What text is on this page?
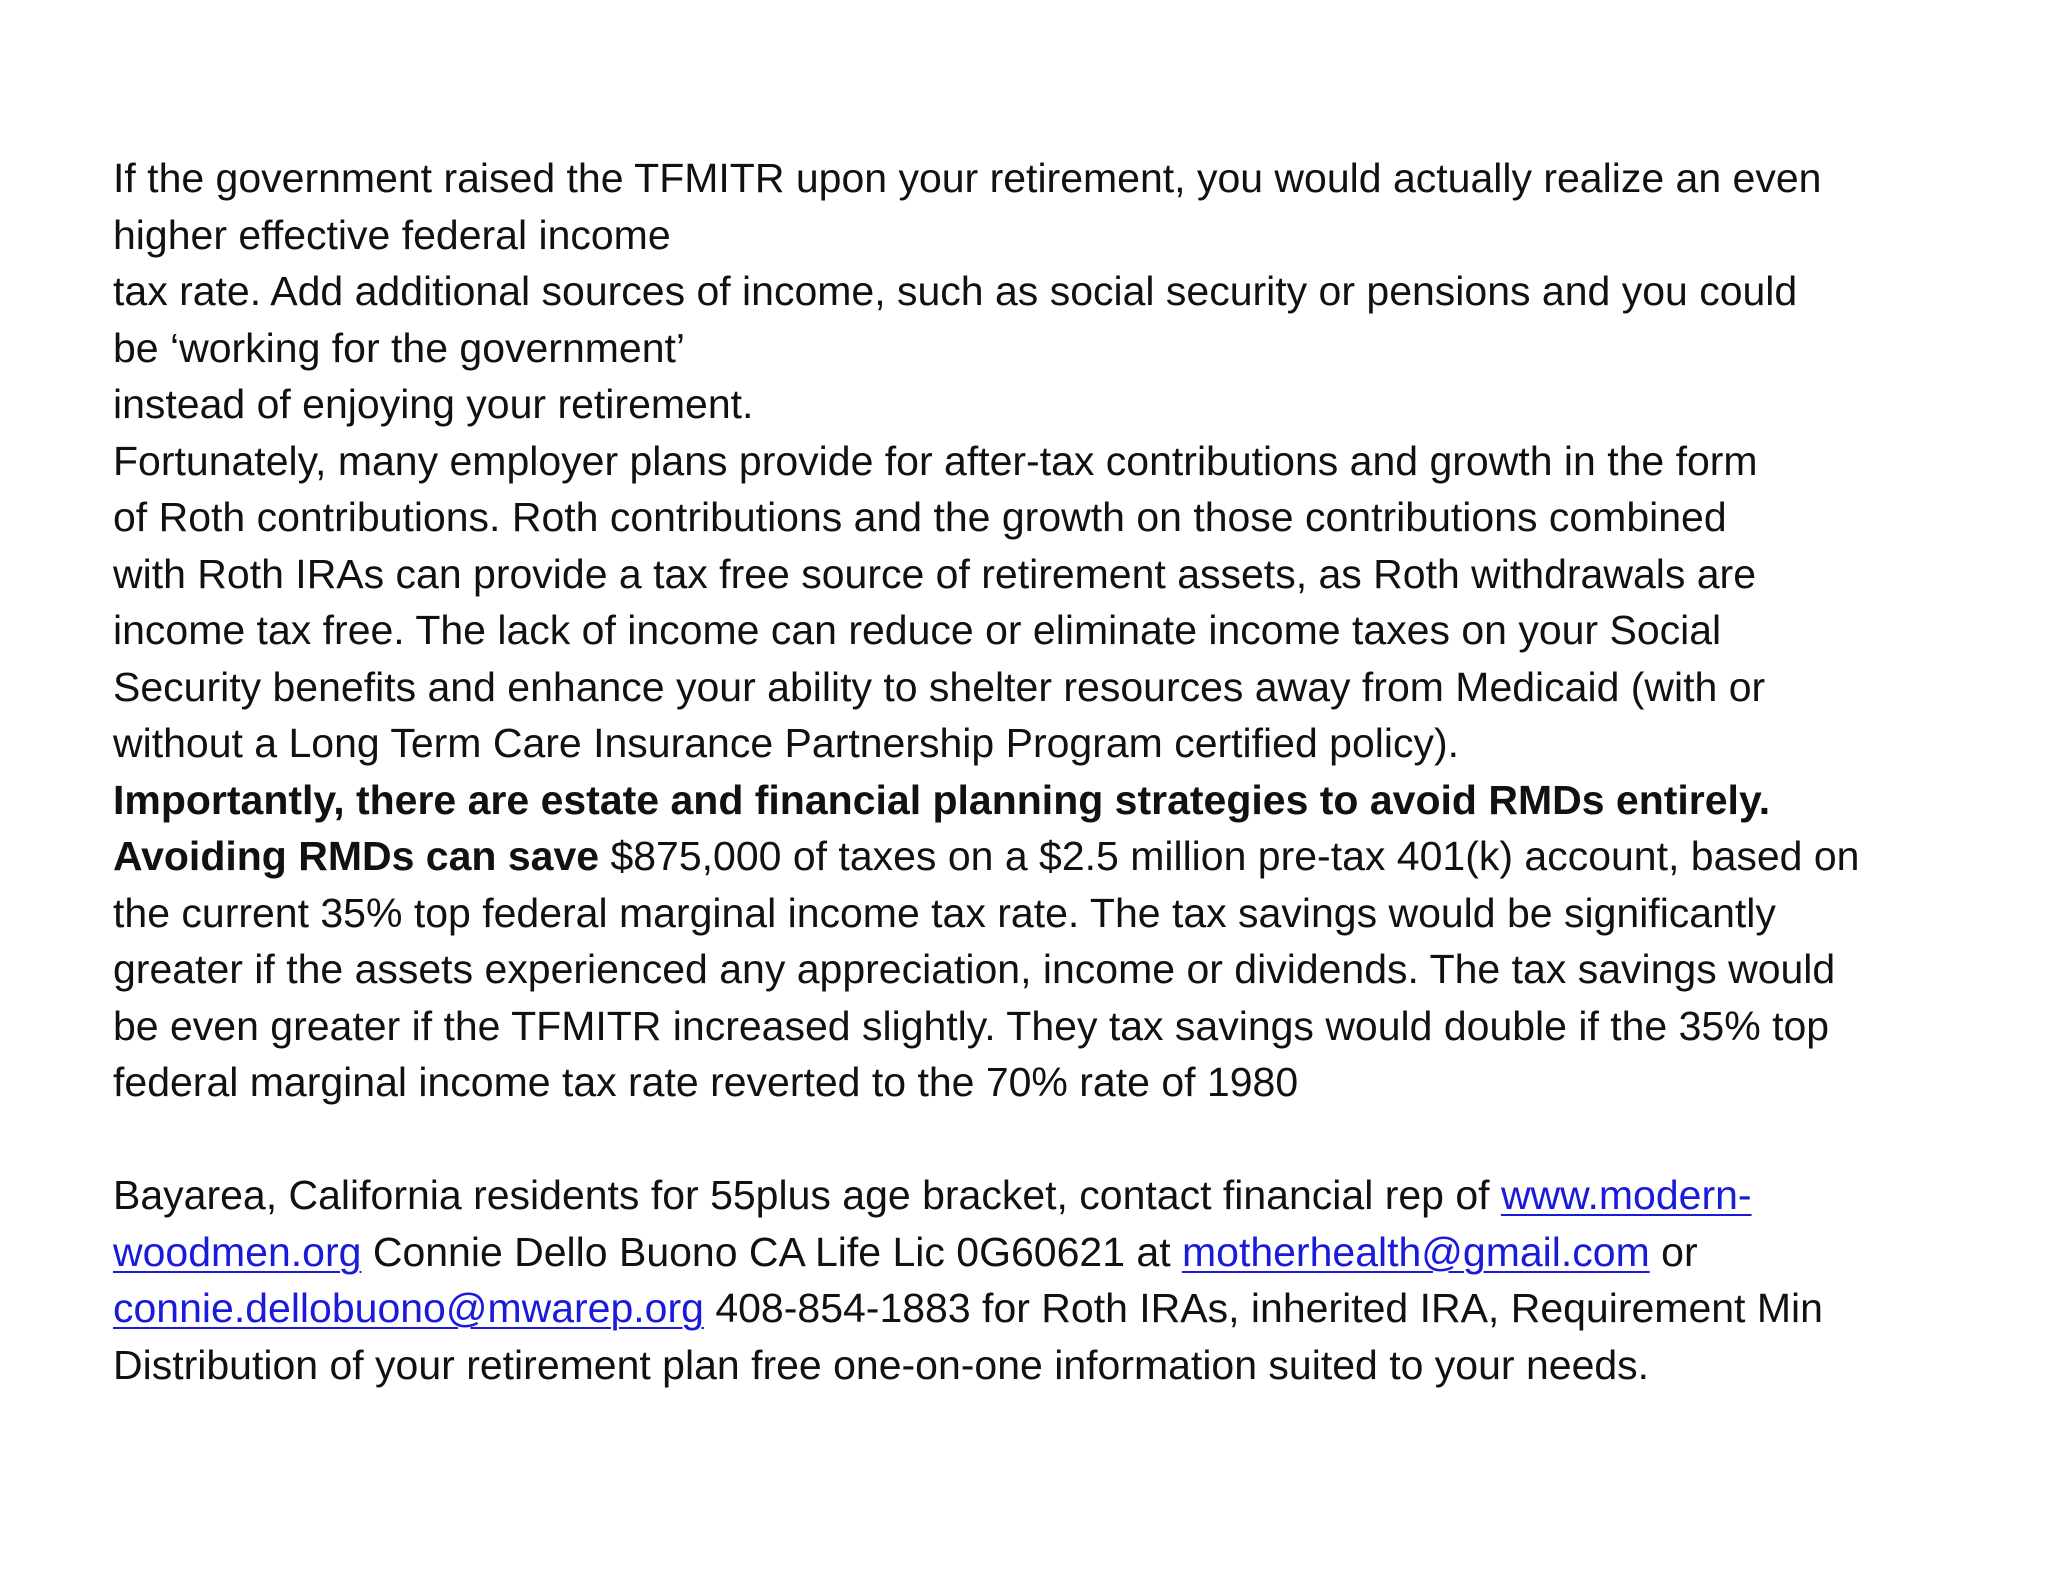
If the government raised the TFMITR upon your retirement, you would actually realize an even
higher effective federal income
tax rate. Add additional sources of income, such as social security or pensions and you could
be ‘working for the government’
instead of enjoying your retirement.
Fortunately, many employer plans provide for after-tax contributions and growth in the form
of Roth contributions. Roth contributions and the growth on those contributions combined
with Roth IRAs can provide a tax free source of retirement assets, as Roth withdrawals are
income tax free. The lack of income can reduce or eliminate income taxes on your Social
Security benefits and enhance your ability to shelter resources away from Medicaid (with or
without a Long Term Care Insurance Partnership Program certified policy).
Importantly, there are estate and financial planning strategies to avoid RMDs entirely.
Avoiding RMDs can save $875,000 of taxes on a $2.5 million pre-tax 401(k) account, based on
the current 35% top federal marginal income tax rate. The tax savings would be significantly
greater if the assets experienced any appreciation, income or dividends. The tax savings would
be even greater if the TFMITR increased slightly. They tax savings would double if the 35% top
federal marginal income tax rate reverted to the 70% rate of 1980
Bayarea, California residents for 55plus age bracket, contact financial rep of www.modern-
woodmen.org Connie Dello Buono CA Life Lic 0G60621 at motherhealth@gmail.com or
connie.dellobuono@mwarep.org 408-854-1883 for Roth IRAs, inherited IRA, Requirement Min
Distribution of your retirement plan free one-on-one information suited to your needs.
